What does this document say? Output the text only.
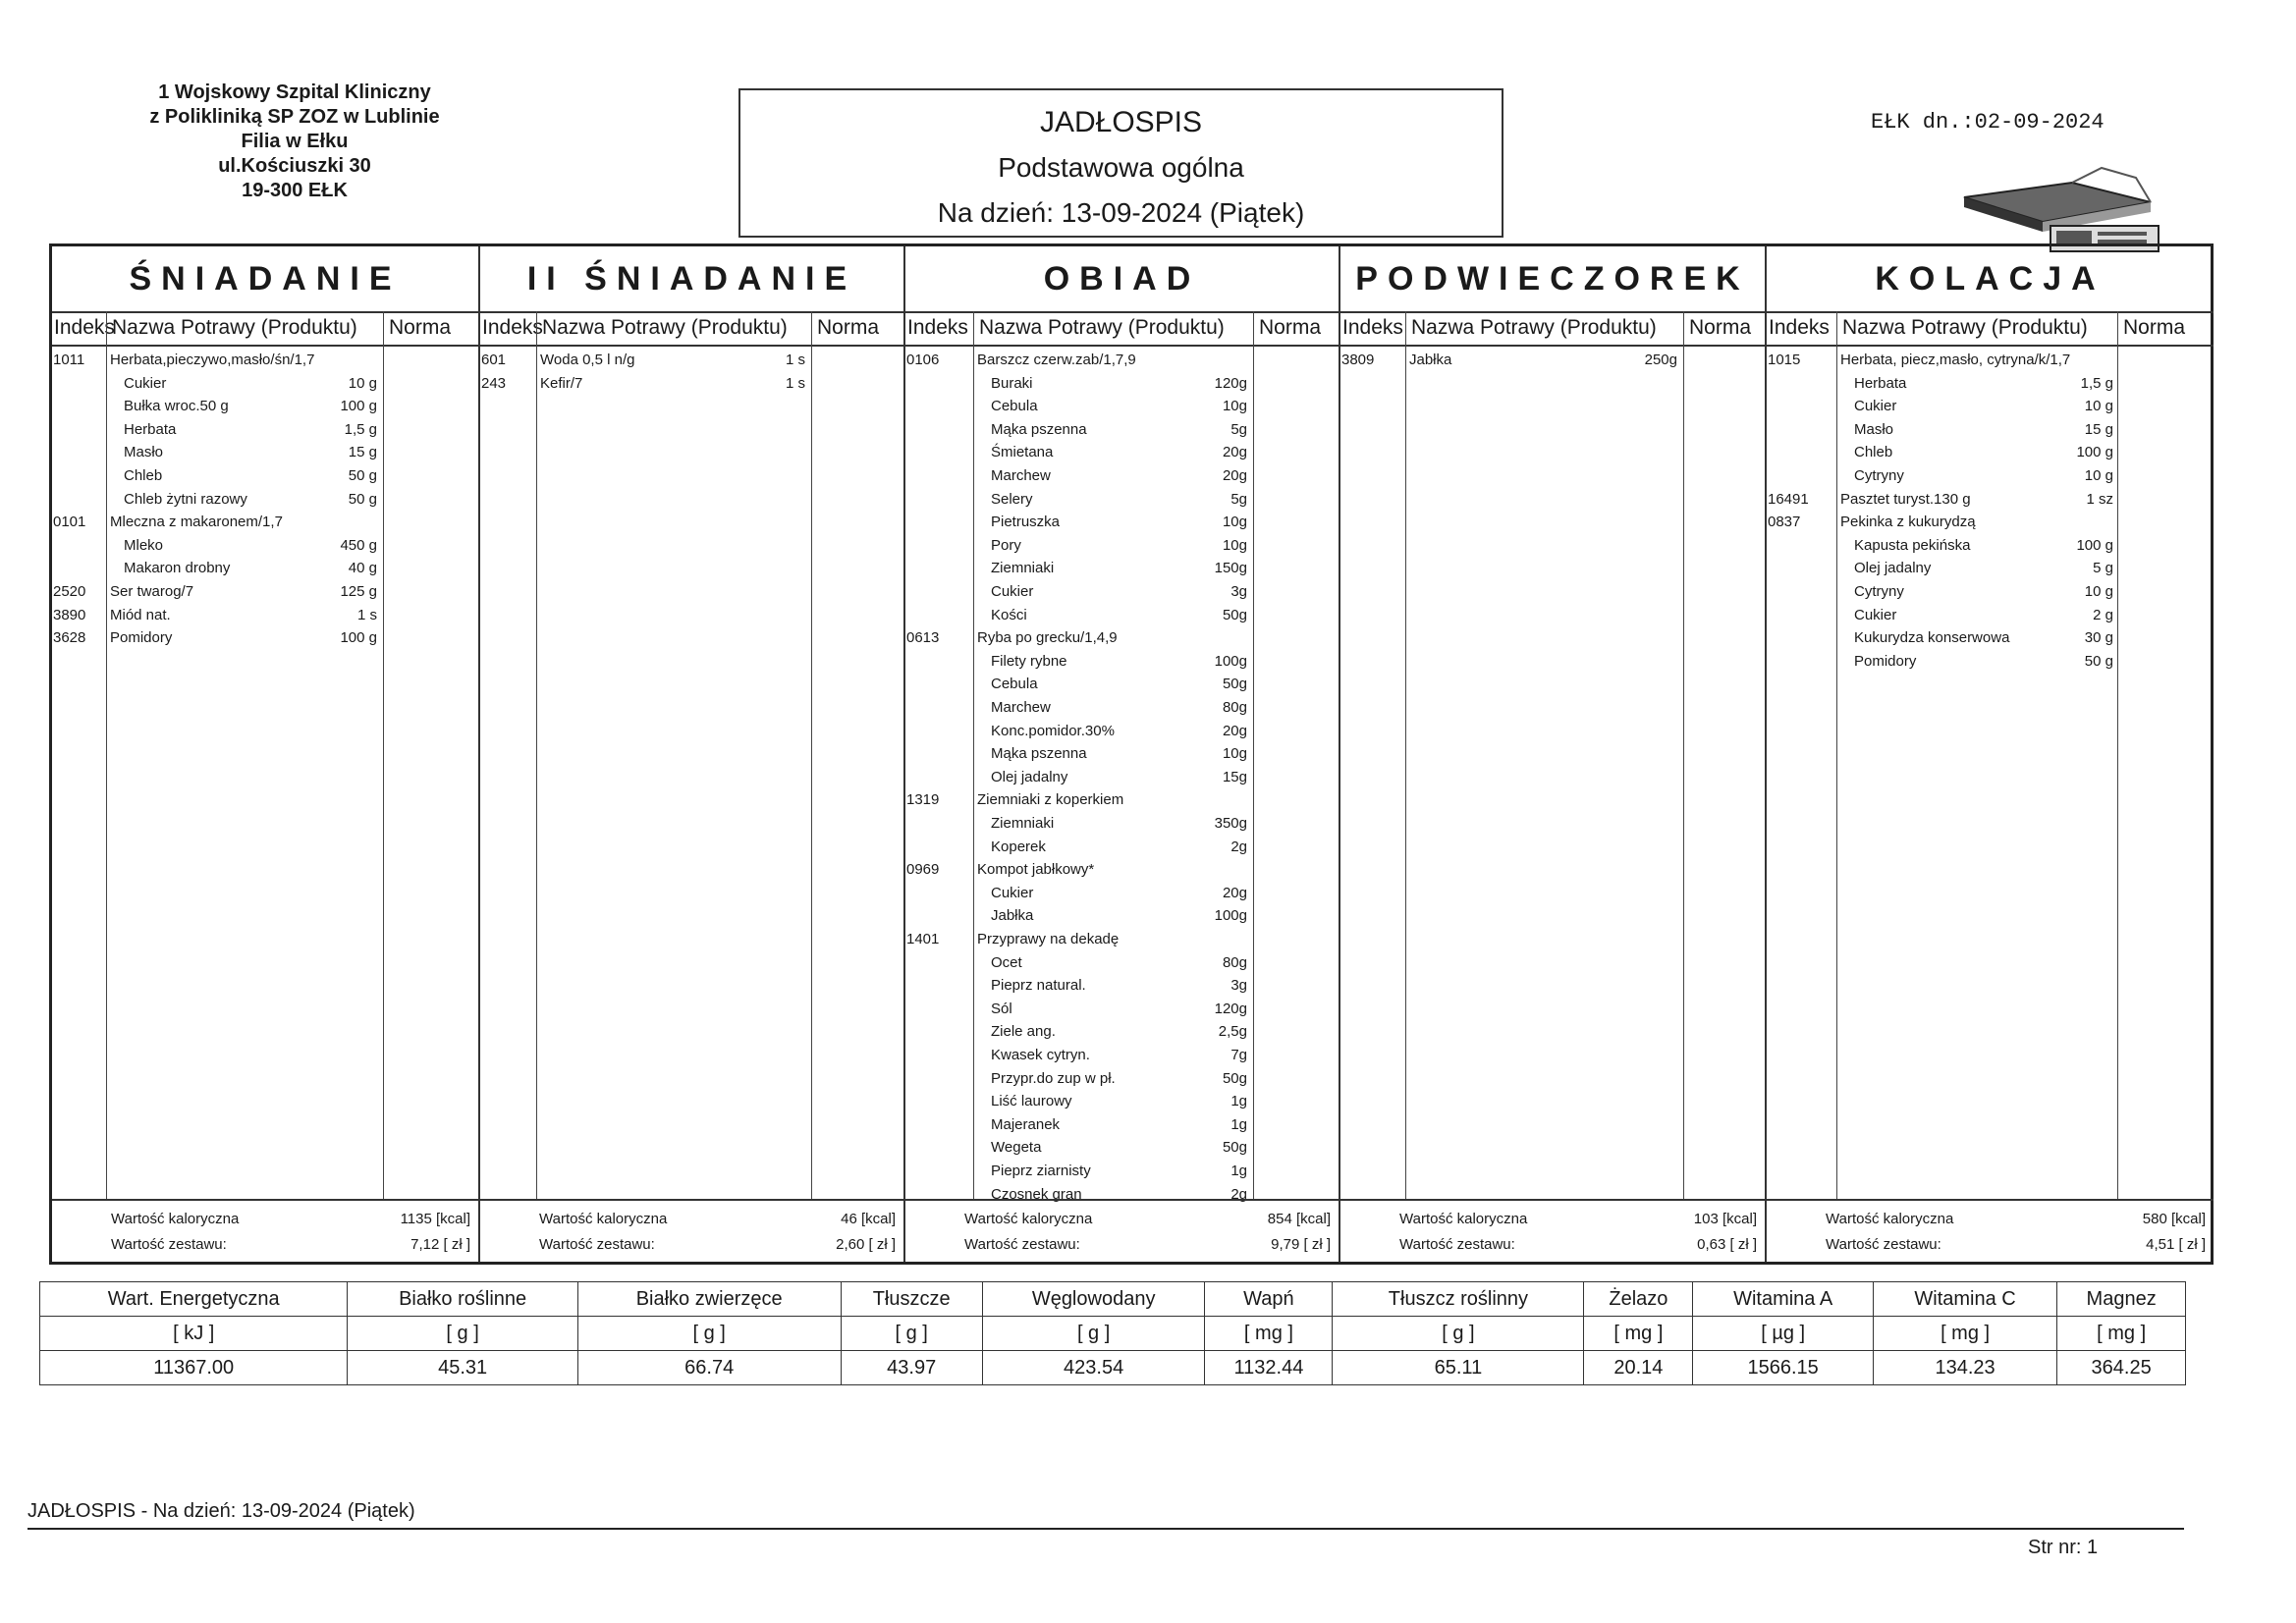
1 Wojskowy Szpital Kliniczny
z Polikliniką SP ZOZ w Lublinie
Filia w Ełku
ul.Kościuszki 30
19-300 EŁK
JADŁOSPIS
Podstawowa ogólna
Na dzień: 13-09-2024 (Piątek)
EŁK dn.:02-09-2024
ŚNIADANIE
Indeks
Nazwa Potrawy (Produktu) Norma
1011 Herbata,pieczywo,masło/śn/1,7
Cukier	10 g
Bułka wroc.50 g	100 g
Herbata	1,5 g
Masło	15 g
Chleb	50 g
Chleb żytni razowy	50 g
0101 Mleczna z makaronem/1,7
Mleko	450 g
Makaron drobny	40 g
2520 Ser twarog/7	125 g
3890 Miód nat.	1 s
3628 Pomidory	100 g
Wartość kaloryczna	1135 [kcal]
Wartość zestawu:	7,12 [ zł ]
II ŚNIADANIE
Indeks Nazwa Potrawy (Produktu) Norma
601 Woda 0,5 l n/g	1 s
243 Kefir/7	1 s
Wartość kaloryczna	46 [kcal]
Wartość zestawu:	2,60 [ zł ]
OBIAD
Indeks Nazwa Potrawy (Produktu) Norma
0106	Barszcz czerw.zab/1,7,9
Buraki	120g
Cebula	10g
Mąka pszenna	5g
Śmietana	20g
Marchew	20g
Selery	5g
Pietruszka	10g
Pory	10g
Ziemniaki	150g
Cukier	3g
Kości	50g
0613	Ryba po grecku/1,4,9
Filety rybne	100g
Cebula	50g
Marchew	80g
Konc.pomidor.30%	20g
Mąka pszenna	10g
Olej jadalny	15g
1319	Ziemniaki z koperkiem
Ziemniaki	350g
Koperek	2g
0969	Kompot jabłkowy*
Cukier	20g
Jabłka	100g
1401	Przyprawy na dekadę
Ocet	80g
Pieprz natural.	3g
Sól	120g
Ziele ang.	2,5g
Kwasek cytryn.	7g
Przypr.do zup w pł.	50g
Liść laurowy	1g
Majeranek	1g
Wegeta	50g
Pieprz ziarnisty	1g
Czosnek gran	2g
Wartość kaloryczna	854 [kcal]
Wartość zestawu:	9,79 [ zł ]
PODWIECZOREK
Indeks Nazwa Potrawy (Produktu) Norma
3809 Jabłka	250g
Wartość kaloryczna	103 [kcal]
Wartość zestawu:	0,63 [ zł ]
KOLACJA
Indeks Nazwa Potrawy (Produktu) Norma
1015	Herbata, piecz,masło, cytryna/k/1,7
Herbata	1,5 g
Cukier	10 g
Masło	15 g
Chleb	100 g
Cytryny	10 g
16491 Pasztet turyst.130 g	1 sz
0837	Pekinka z kukurydzą
Kapusta pekińska	100 g
Olej jadalny	5 g
Cytryny	10 g
Cukier	2 g
Kukurydza konserwowa	30 g
Pomidory	50 g
Wartość kaloryczna	580 [kcal]
Wartość zestawu:	4,51 [ zł ]
Wart. Energetyczna	Białko roślinne	Białko zwierzęce	Tłuszcze	Węglowodany	Wapń	Tłuszcz roślinny	Żelazo	Witamina A	Witamina C	Magnez
[ kJ ]	[ g ]	[ g ]	[ g ]	[ g ]	[ mg ]	[ g ]	[ mg ]	[ µg ]	[ mg ]	[ mg ]
11367.00	45.31	66.74	43.97	423.54	1132.44	65.11	20.14	1566.15	134.23	364.25
JADŁOSPIS - Na dzień: 13-09-2024 (Piątek)
Str nr: 1
